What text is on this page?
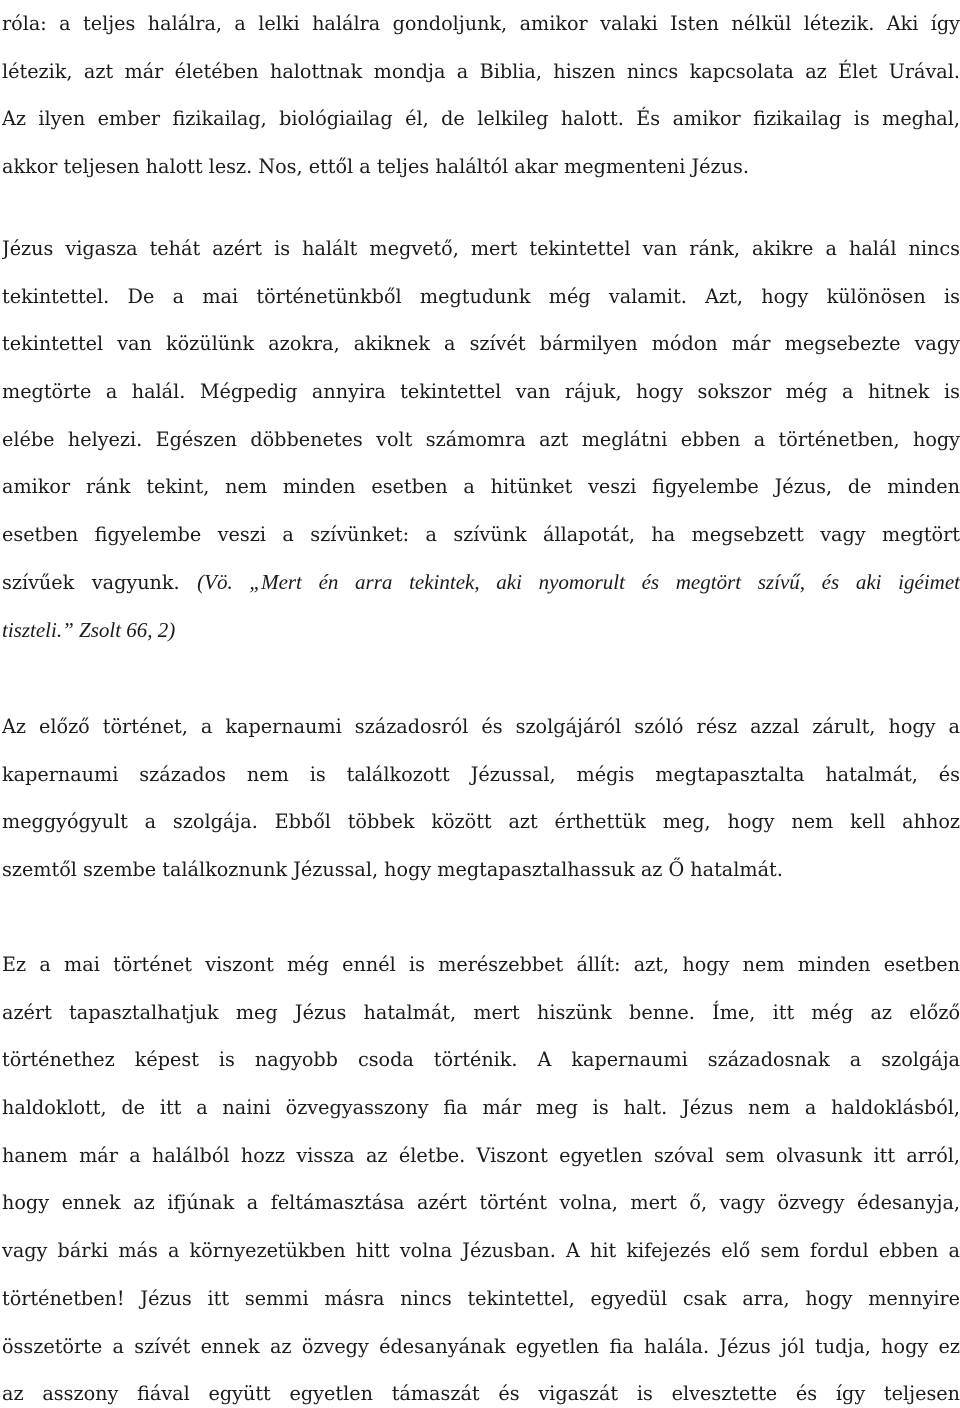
róla: a teljes halálra, a lelki halálra gondoljunk, amikor valaki Isten nélkül létezik. Aki így
létezik, azt már életében halottnak mondja a Biblia, hiszen nincs kapcsolata az Élet Urával.
Az ilyen ember fizikailag, biológiailag él, de lelkileg halott. És amikor fizikailag is meghal,
akkor teljesen halott lesz. Nos, ettől a teljes haláltól akar megmenteni Jézus.
Jézus vigasza tehát azért is halált megvető, mert tekintettel van ránk, akikre a halál nincs
tekintettel. De a mai történetünkből megtudunk még valamit. Azt, hogy különösen is
tekintettel van közülünk azokra, akiknek a szívét bármilyen módon már megsebezte vagy
megtörte a halál. Mégpedig annyira tekintettel van rájuk, hogy sokszor még a hitnek is
elébe helyezi. Egészen döbbenetes volt számomra azt meglátni ebben a történetben, hogy
amikor ránk tekint, nem minden esetben a hitünket veszi figyelembe Jézus, de minden
esetben figyelembe veszi a szívünket: a szívünk állapotát, ha megsebzett vagy megtört
szívűek vagyunk. (Vö. „Mert én arra tekintek, aki nyomorult és megtört szívű, és aki igéimet
tiszteli.” Zsolt 66, 2)
Az előző történet, a kapernaumi századosról és szolgájáról szóló rész azzal zárult, hogy a
kapernaumi százados nem is találkozott Jézussal, mégis megtapasztalta hatalmát, és
meggyógyult a szolgája. Ebből többek között azt érthettük meg, hogy nem kell ahhoz
szemtől szembe találkoznunk Jézussal, hogy megtapasztalhassuk az Ő hatalmát.
Ez a mai történet viszont még ennél is merészebbet állít: azt, hogy nem minden esetben
azért tapasztalhatjuk meg Jézus hatalmát, mert hiszünk benne. Íme, itt még az előző
történethez képest is nagyobb csoda történik. A kapernaumi századosnak a szolgája
haldoklott, de itt a naini özvegyasszony fia már meg is halt. Jézus nem a haldoklásból,
hanem már a halálból hozz vissza az életbe. Viszont egyetlen szóval sem olvasunk itt arról,
hogy ennek az ifjúnak a feltámasztása azért történt volna, mert ő, vagy özvegy édesanyja,
vagy bárki más a környezetükben hitt volna Jézusban. A hit kifejezés elő sem fordul ebben a
történetben! Jézus itt semmi másra nincs tekintettel, egyedül csak arra, hogy mennyire
összetörte a szívét ennek az özvegy édesanyának egyetlen fia halála. Jézus jól tudja, hogy ez
az asszony fiával együtt egyetlen támaszát és vigaszát is elvesztette és így teljesen
